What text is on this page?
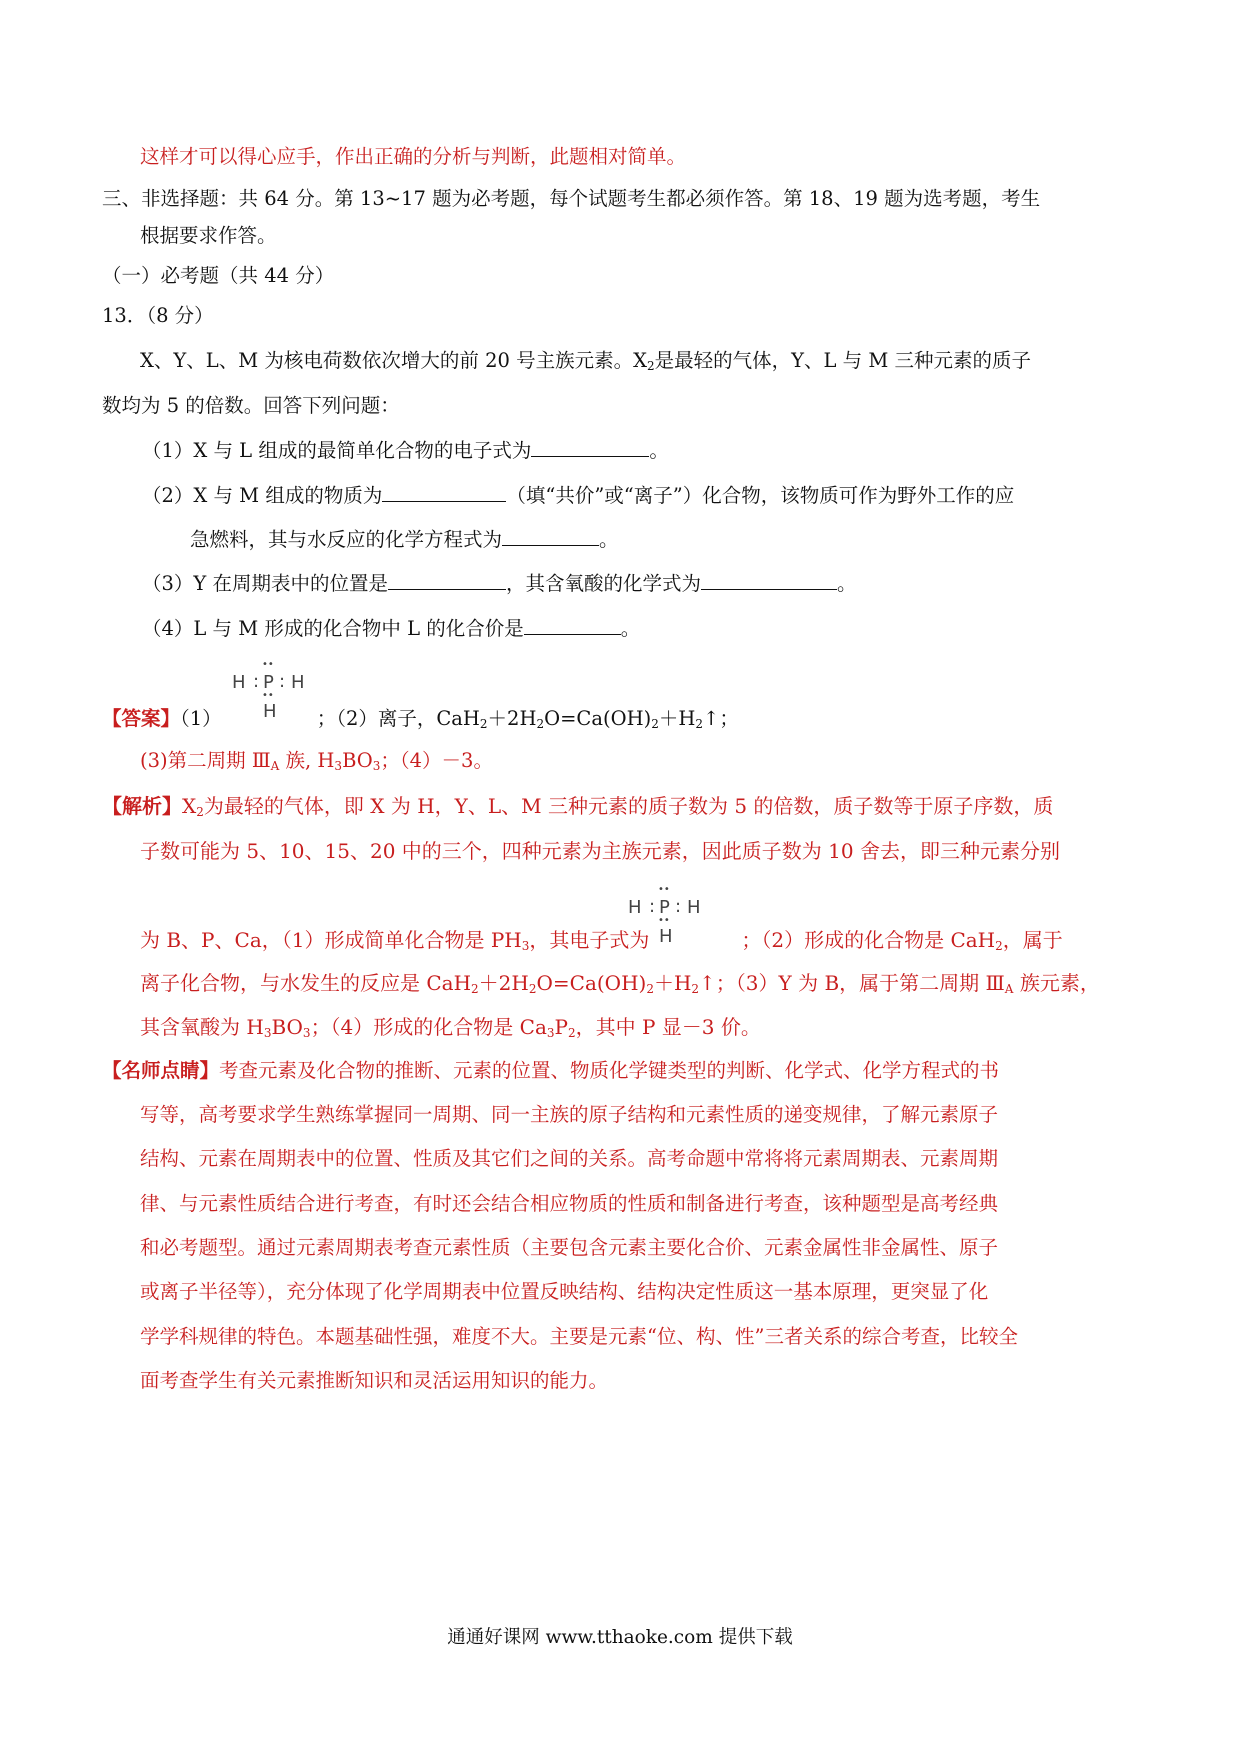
这样才可以得心应手，作出正确的分析与判断，此题相对简单。
三、非选择题：共 64 分。第 13~17 题为必考题，每个试题考生都必须作答。第 18、19 题为选考题，考生
根据要求作答。
（一）必考题（共 44 分）
13．（8 分）
X、Y、L、M 为核电荷数依次增大的前 20 号主族元素。$X_2$是最轻的气体，Y、L 与 M 三种元素的质子
数均为 5 的倍数。回答下列问题：
（1）X 与 L 组成的最简单化合物的电子式为	。
（2）X 与 M 组成的物质为	（填“共价”或“离子”）化合物，该物质可作为野外工作的应
急燃料，其与水反应的化学方程式为	。
（3）Y 在周期表中的位置是	，其含氧酸的化学式为	。
（4）L 与 M 形成的化合物中 L 的化合价是	。
H : P : H
••
••
H
【答案】（1）	；（2）离子，$CaH_2+2H_2O=Ca(OH)_2+H_2↑$；
(3)第二周期 $Ⅲ_A$ 族, $H_3BO_3$；（4）－3。
【解析】$X_2$为最轻的气体，即 X 为 H，Y、L、M 三种元素的质子数为 5 的倍数，质子数等于原子序数，质
子数可能为 5、10、15、20 中的三个，四种元素为主族元素，因此质子数为 10 舍去，即三种元素分别
H : P : H
••
••
H
为 B、P、Ca，（1）形成简单化合物是 $PH_3$，其电子式为	；（2）形成的化合物是 CaH$_2$，属于
离子化合物，与水发生的反应是 $CaH_2+2H_2O=Ca(OH)_2+H_2↑$；（3）Y 为 B，属于第二周期 $Ⅲ_A$ 族元素，
其含氧酸为 $H_3BO_3$；（4）形成的化合物是 $Ca_3P_2$，其中 P 显－3 价。
【名师点睛】考查元素及化合物的推断、元素的位置、物质化学键类型的判断、化学式、化学方程式的书
写等，高考要求学生熟练掌握同一周期、同一主族的原子结构和元素性质的递变规律，了解元素原子
结构、元素在周期表中的位置、性质及其它们之间的关系。高考命题中常将将元素周期表、元素周期
律、与元素性质结合进行考查，有时还会结合相应物质的性质和制备进行考查，该种题型是高考经典
和必考题型。通过元素周期表考查元素性质（主要包含元素主要化合价、元素金属性非金属性、原子
或离子半径等），充分体现了化学周期表中位置反映结构、结构决定性质这一基本原理，更突显了化
学学科规律的特色。本题基础性强，难度不大。主要是元素“位、构、性”三者关系的综合考查，比较全
面考查学生有关元素推断知识和灵活运用知识的能力。
通通好课网 www.tthaoke.com 提供下载
